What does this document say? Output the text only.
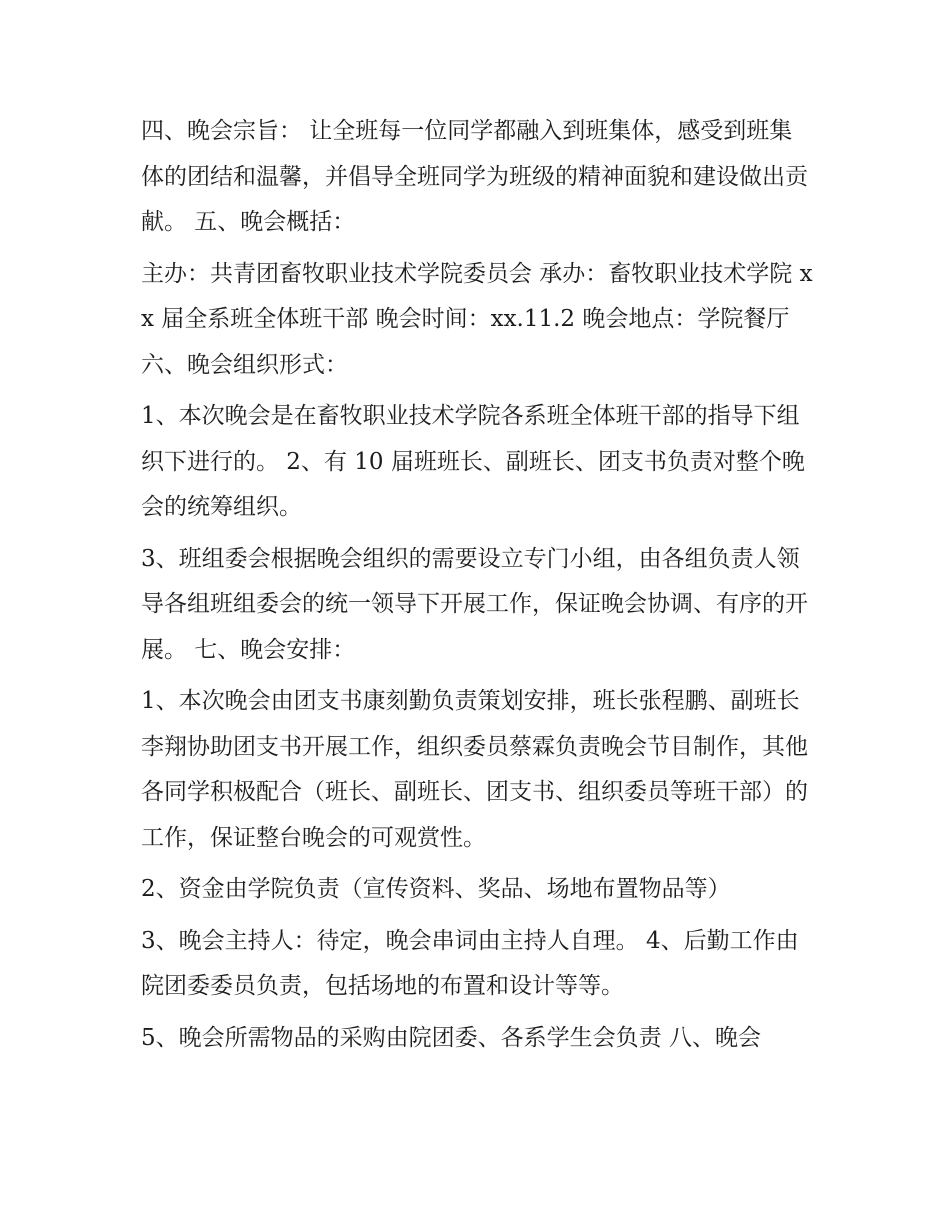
四、晚会宗旨： 让全班每一位同学都融入到班集体，感受到班集体的团结和温馨，并倡导全班同学为班级的精神面貌和建设做出贡献。 五、晚会概括：

主办：共青团畜牧职业技术学院委员会 承办：畜牧职业技术学院 xx 届全系班全体班干部 晚会时间：xx.11.2 晚会地点：学院餐厅 六、晚会组织形式：

1、本次晚会是在畜牧职业技术学院各系班全体班干部的指导下组织下进行的。 2、有 10 届班班长、副班长、团支书负责对整个晚会的统筹组织。

3、班组委会根据晚会组织的需要设立专门小组，由各组负责人领导各组班组委会的统一领导下开展工作，保证晚会协调、有序的开展。 七、晚会安排：

1、本次晚会由团支书康刻勤负责策划安排，班长张程鹏、副班长李翔协助团支书开展工作，组织委员蔡霖负责晚会节目制作，其他各同学积极配合（班长、副班长、团支书、组织委员等班干部）的工作，保证整台晚会的可观赏性。

2、资金由学院负责（宣传资料、奖品、场地布置物品等）

3、晚会主持人：待定，晚会串词由主持人自理。 4、后勤工作由院团委委员负责，包括场地的布置和设计等等。

5、晚会所需物品的采购由院团委、各系学生会负责 八、晚会
